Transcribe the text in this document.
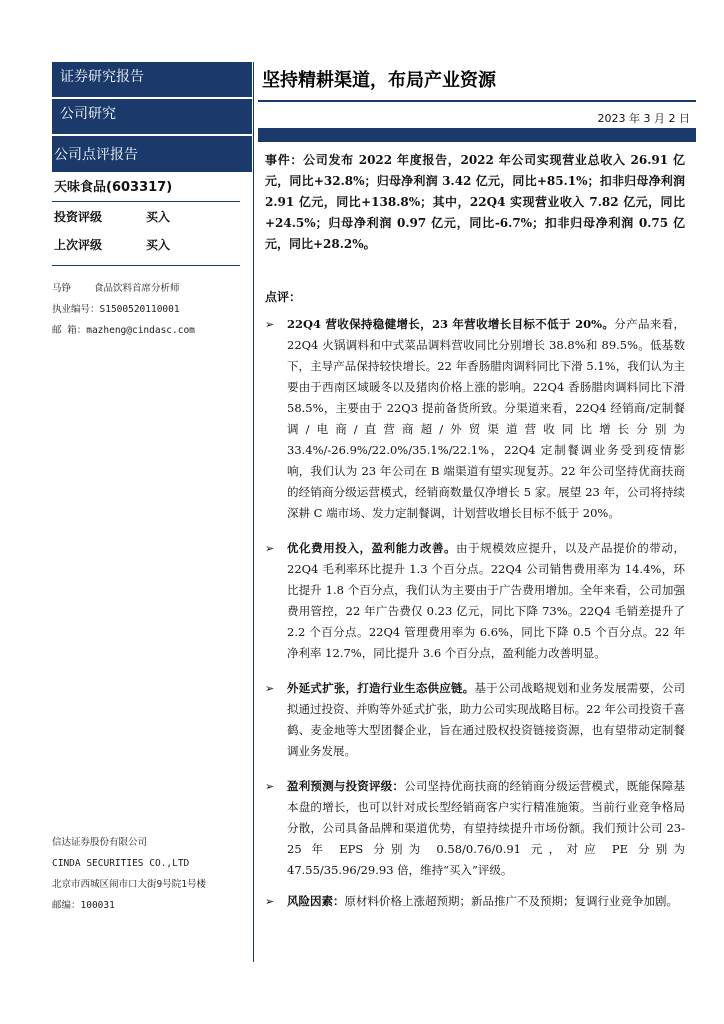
证券研究报告
公司研究
公司点评报告
天味食品(603317)
投资评级	买入
上次评级	买入
马铮 食品饮料首席分析师
执业编号：S1500520110001
邮 箱：mazheng@cindasc.com
信达证券股份有限公司
CINDA SECURITIES CO.,LTD
北京市西城区闹市口大街9号院1号楼
邮编：100031
坚持精耕渠道，布局产业资源
2023 年 3 月 2 日
事件：公司发布 2022 年度报告，2022 年公司实现营业总收入 26.91 亿元，同比+32.8%；归母净利润 3.42 亿元，同比+85.1%；扣非归母净利润 2.91 亿元，同比+138.8%；其中，22Q4 实现营业收入 7.82 亿元，同比+24.5%；归母净利润 0.97 亿元，同比-6.7%；扣非归母净利润 0.75 亿元，同比+28.2%。
点评：
➢ 22Q4 营收保持稳健增长，23 年营收增长目标不低于 20%。分产品来看，22Q4 火锅调料和中式菜品调料营收同比分别增长 38.8%和 89.5%。低基数下，主导产品保持较快增长。22 年香肠腊肉调料同比下滑 5.1%，我们认为主要由于西南区域暖冬以及猪肉价格上涨的影响。22Q4 香肠腊肉调料同比下滑 58.5%，主要由于 22Q3 提前备货所致。分渠道来看，22Q4 经销商/定制餐调/电商/直营商超/外贸渠道营收同比增长分别为 33.4%/-26.9%/22.0%/35.1%/22.1%，22Q4 定制餐调业务受到疫情影响，我们认为 23 年公司在 B 端渠道有望实现复苏。22 年公司坚持优商扶商的经销商分级运营模式，经销商数量仅净增长 5 家。展望 23 年，公司将持续深耕 C 端市场、发力定制餐调，计划营收增长目标不低于 20%。
➢ 优化费用投入，盈利能力改善。由于规模效应提升，以及产品提价的带动，22Q4 毛利率环比提升 1.3 个百分点。22Q4 公司销售费用率为 14.4%，环比提升 1.8 个百分点，我们认为主要由于广告费用增加。全年来看，公司加强费用管控，22 年广告费仅 0.23 亿元，同比下降 73%。22Q4 毛销差提升了 2.2 个百分点。22Q4 管理费用率为 6.6%，同比下降 0.5 个百分点。22 年净利率 12.7%，同比提升 3.6 个百分点，盈利能力改善明显。
➢ 外延式扩张，打造行业生态供应链。基于公司战略规划和业务发展需要，公司拟通过投资、并购等外延式扩张，助力公司实现战略目标。22 年公司投资千喜鹤、麦金地等大型团餐企业，旨在通过股权投资链接资源，也有望带动定制餐调业务发展。
➢ 盈利预测与投资评级：公司坚持优商扶商的经销商分级运营模式，既能保障基本盘的增长，也可以针对成长型经销商客户实行精准施策。当前行业竞争格局分散，公司具备品牌和渠道优势，有望持续提升市场份额。我们预计公司 23-25 年 EPS 分别为 0.58/0.76/0.91 元，对应 PE 分别为 47.55/35.96/29.93 倍，维持“买入”评级。
➢ 风险因素：原材料价格上涨超预期；新品推广不及预期；复调行业竞争加剧。
